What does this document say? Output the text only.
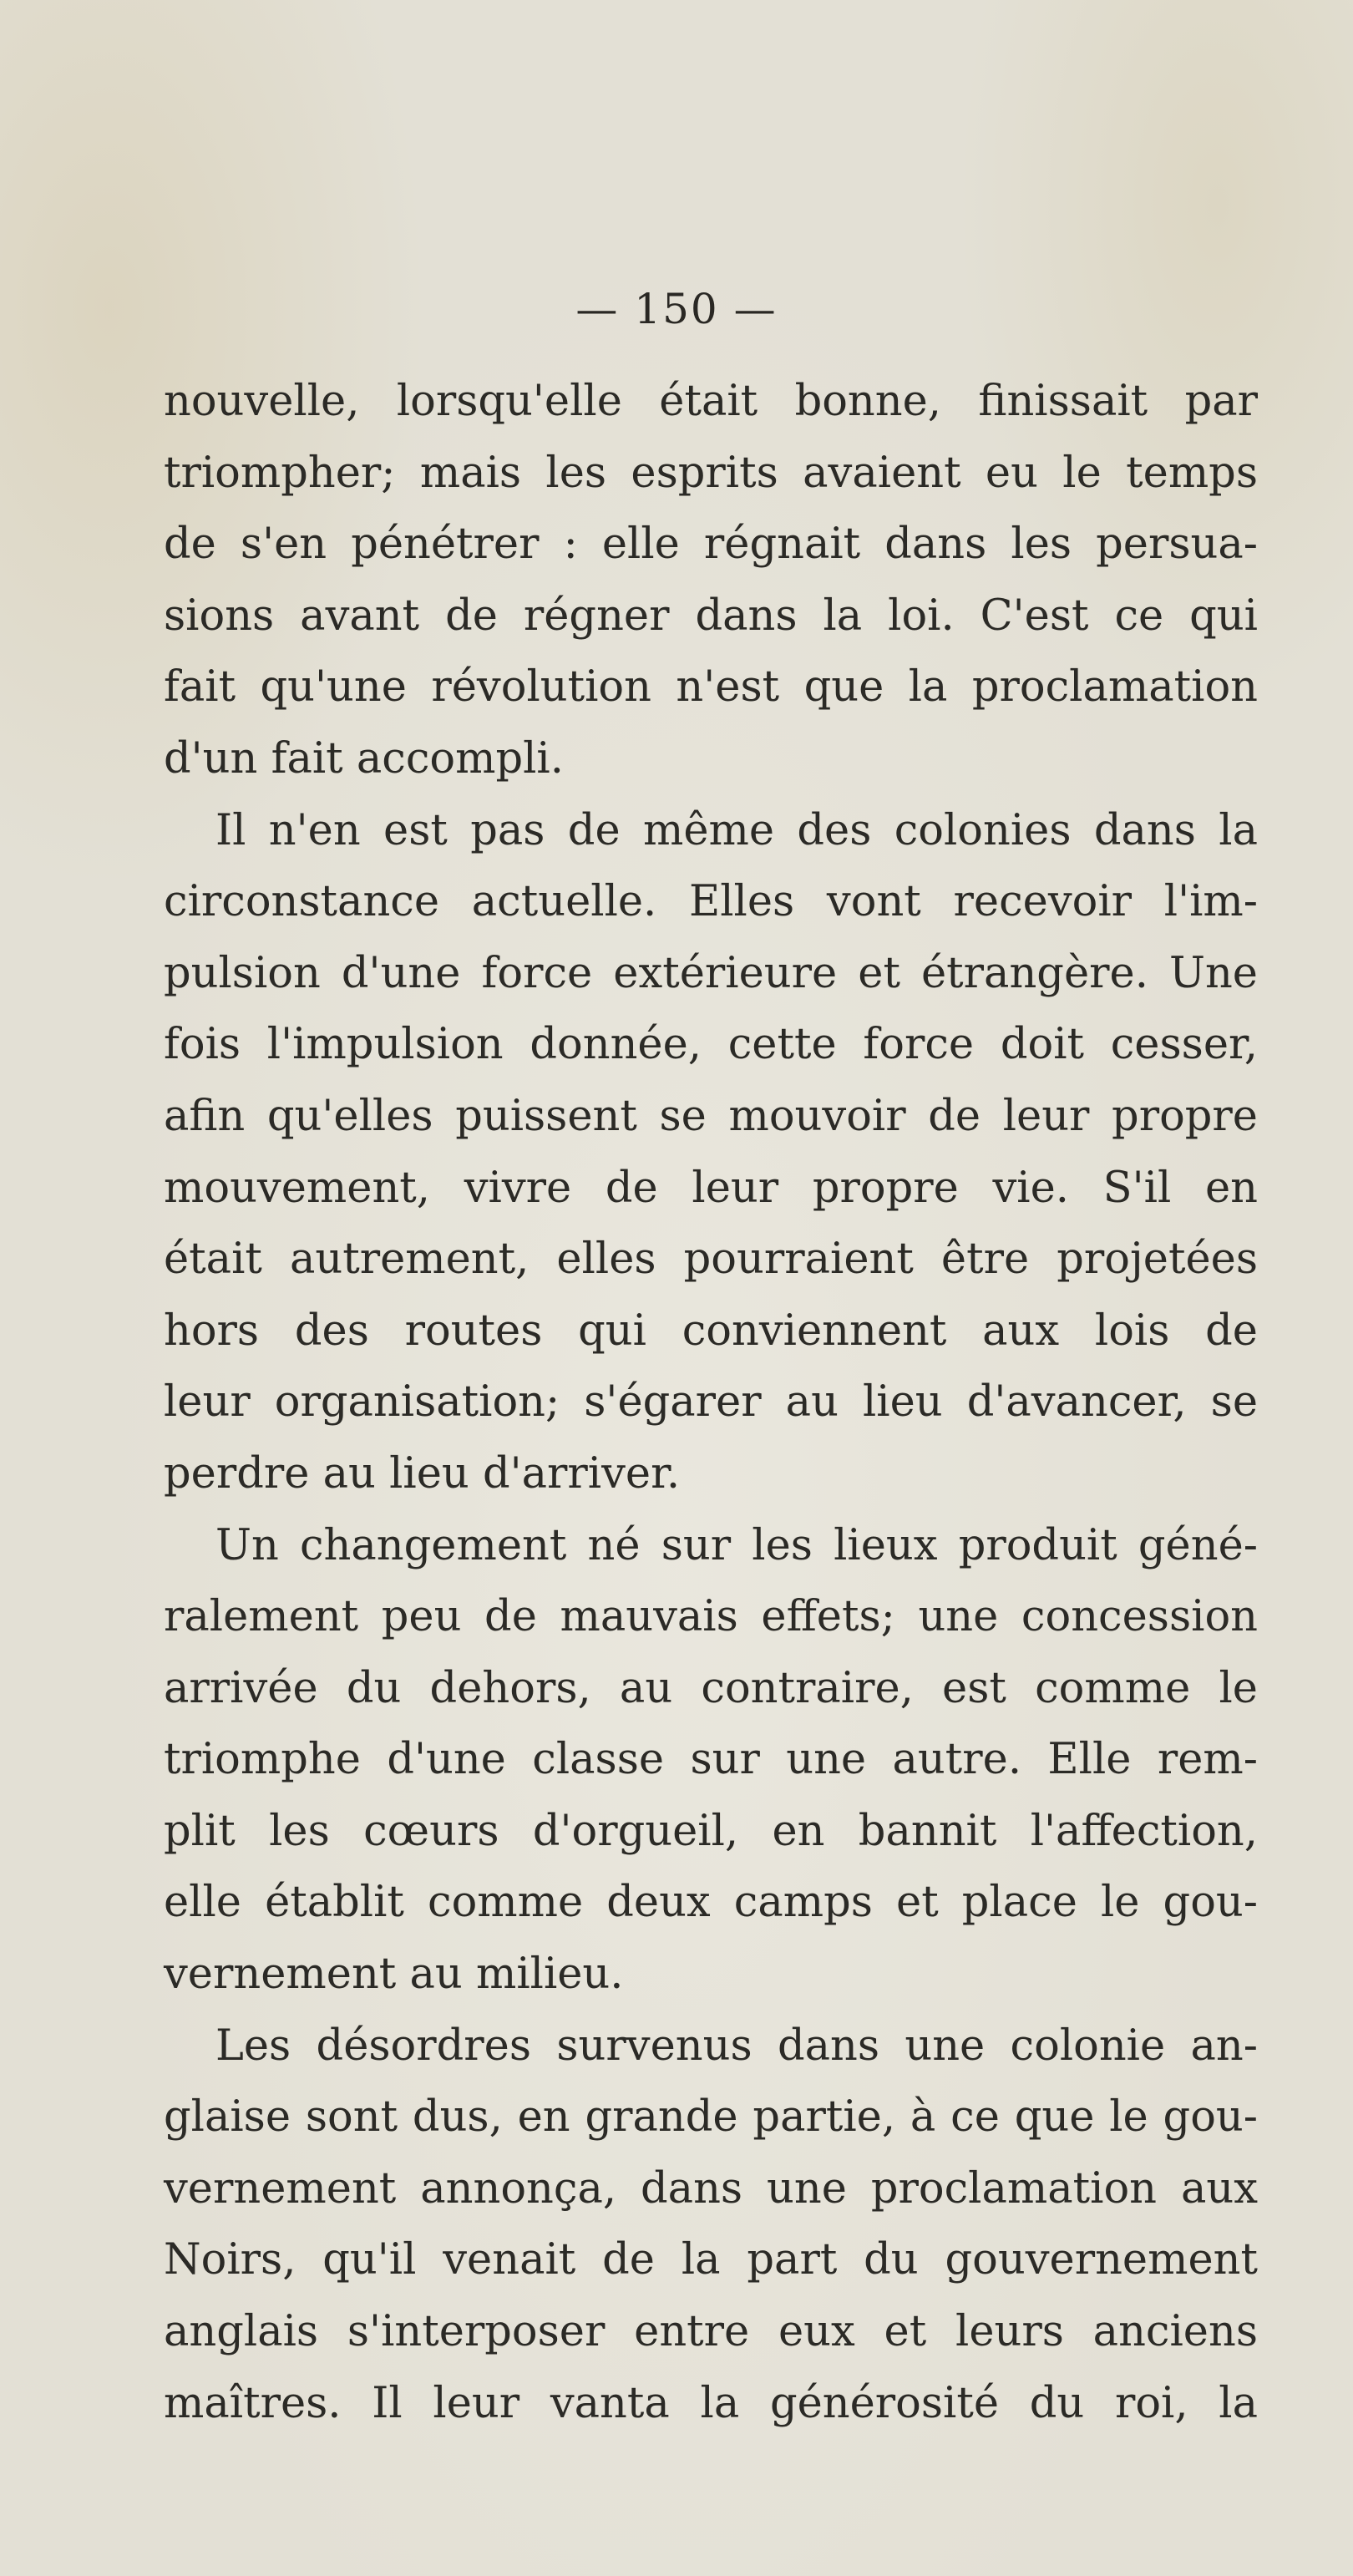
— 150 —
nouvelle, lorsqu'elle était bonne, finissait par
triompher; mais les esprits avaient eu le temps
de s'en pénétrer : elle régnait dans les persua-
sions avant de régner dans la loi. C'est ce qui
fait qu'une révolution n'est que la proclamation
d'un fait accompli.
Il n'en est pas de même des colonies dans la
circonstance actuelle. Elles vont recevoir l'im-
pulsion d'une force extérieure et étrangère. Une
fois l'impulsion donnée, cette force doit cesser,
afin qu'elles puissent se mouvoir de leur propre
mouvement, vivre de leur propre vie. S'il en
était autrement, elles pourraient être projetées
hors des routes qui conviennent aux lois de
leur organisation; s'égarer au lieu d'avancer, se
perdre au lieu d'arriver.
Un changement né sur les lieux produit géné-
ralement peu de mauvais effets; une concession
arrivée du dehors, au contraire, est comme le
triomphe d'une classe sur une autre. Elle rem-
plit les cœurs d'orgueil, en bannit l'affection,
elle établit comme deux camps et place le gou-
vernement au milieu.
Les désordres survenus dans une colonie an-
glaise sont dus, en grande partie, à ce que le gou-
vernement annonça, dans une proclamation aux
Noirs, qu'il venait de la part du gouvernement
anglais s'interposer entre eux et leurs anciens
maîtres. Il leur vanta la générosité du roi, la
